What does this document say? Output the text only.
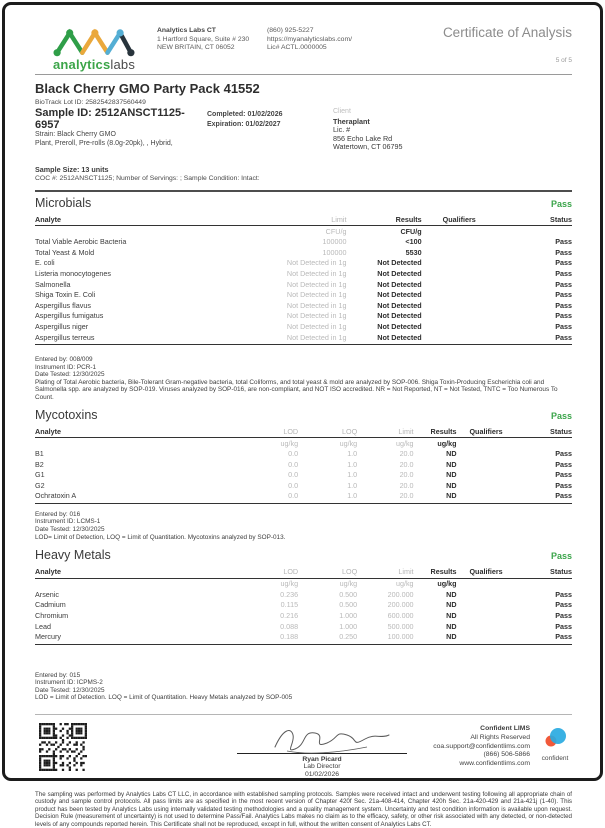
analyticslabs
Analytics Labs CT
1 Hartford Square, Suite # 230
NEW BRITAIN, CT 06052
(860) 925-5227
https://myanalyticslabs.com/
Lic# ACTL.0000005
Certificate of Analysis
5 of 5
Black Cherry GMO Party Pack 41552
BioTrack Lot ID: 2582542837560449
Sample ID: 2512ANSCT1125-6957
Strain: Black Cherry GMO
Plant, Preroll, Pre-rolls (8.0g-20pk), , Hybrid,
Completed: 01/02/2026
Expiration: 01/02/2027
Client
Theraplant
Lic. #
856 Echo Lake Rd
Watertown, CT 06795
Sample Size: 13 units
COC #: 2512ANSCT1125; Number of Servings: ; Sample Condition: Intact:
Microbials	Pass
Analyte	Limit	Results	Qualifiers	Status
	CFU/g	CFU/g		
Total Viable Aerobic Bacteria	100000	<100		Pass
Total Yeast & Mold	100000	5530		Pass
E. coli	Not Detected in 1g	Not Detected		Pass
Listeria monocytogenes	Not Detected in 1g	Not Detected		Pass
Salmonella	Not Detected in 1g	Not Detected		Pass
Shiga Toxin E. Coli	Not Detected in 1g	Not Detected		Pass
Aspergillus flavus	Not Detected in 1g	Not Detected		Pass
Aspergillus fumigatus	Not Detected in 1g	Not Detected		Pass
Aspergillus niger	Not Detected in 1g	Not Detected		Pass
Aspergillus terreus	Not Detected in 1g	Not Detected		Pass
Entered by: 008/009
Instrument ID: PCR-1
Date Tested: 12/30/2025
Plating of Total Aerobic bacteria, Bile-Tolerant Gram-negative bacteria, total Coliforms, and total yeast & mold are analyzed by SOP-006. Shiga Toxin-Producing Escherichia coli and Salmonella spp. are analyzed by SOP-019. Viruses analyzed by SOP-016, are non-compliant, and NOT ISO accredited. NR = Not Reported, NT = Not Tested, TNTC = Too Numerous To Count.
Mycotoxins	Pass
Analyte	LOD	LOQ	Limit	Results	Qualifiers	Status
	ug/kg	ug/kg	ug/kg	ug/kg		
B1	0.0	1.0	20.0	ND		Pass
B2	0.0	1.0	20.0	ND		Pass
G1	0.0	1.0	20.0	ND		Pass
G2	0.0	1.0	20.0	ND		Pass
Ochratoxin A	0.0	1.0	20.0	ND		Pass
Entered by: 016
Instrument ID: LCMS-1
Date Tested: 12/30/2025
LOD= Limit of Detection, LOQ = Limit of Quantitation. Mycotoxins analyzed by SOP-013.
Heavy Metals	Pass
Analyte	LOD	LOQ	Limit	Results	Qualifiers	Status
	ug/kg	ug/kg	ug/kg	ug/kg		
Arsenic	0.236	0.500	200.000	ND		Pass
Cadmium	0.115	0.500	200.000	ND		Pass
Chromium	0.216	1.000	600.000	ND		Pass
Lead	0.088	1.000	500.000	ND		Pass
Mercury	0.188	0.250	100.000	ND		Pass
Entered by: 015
Instrument ID: ICPMS-2
Date Tested: 12/30/2025
LOD = Limit of Detection. LOQ = Limit of Quantitation. Heavy Metals analyzed by SOP-005
Ryan Picard
Lab Director
01/02/2026
Confident LIMS
All Rights Reserved
coa.support@confidentlims.com
(866) 506-5866
www.confidentlims.com
confident

The sampling was performed by Analytics Labs CT LLC, in accordance with established sampling protocols. Samples were received intact and underwent testing following all appropriate chain of custody and sample control protocols. All pass limits are as specified in the most recent version of Chapter 420f Sec. 21a-408-414, Chapter 420h Sec. 21a-420-429 and 21a-421j (1-40). This product has been tested by Analytics Labs using internally validated testing methodologies and a quality management system. Uncertainty and test condition information is available upon request. Decision Rule (measurement of uncertainty) is not used to determine Pass/Fail. Analytics Labs makes no claim as to the efficacy, safety, or other risk associated with any detected, or non-detected levels of any compounds reported herein. This Certificate shall not be reproduced, except in full, without the written consent of Analytics Labs CT.
